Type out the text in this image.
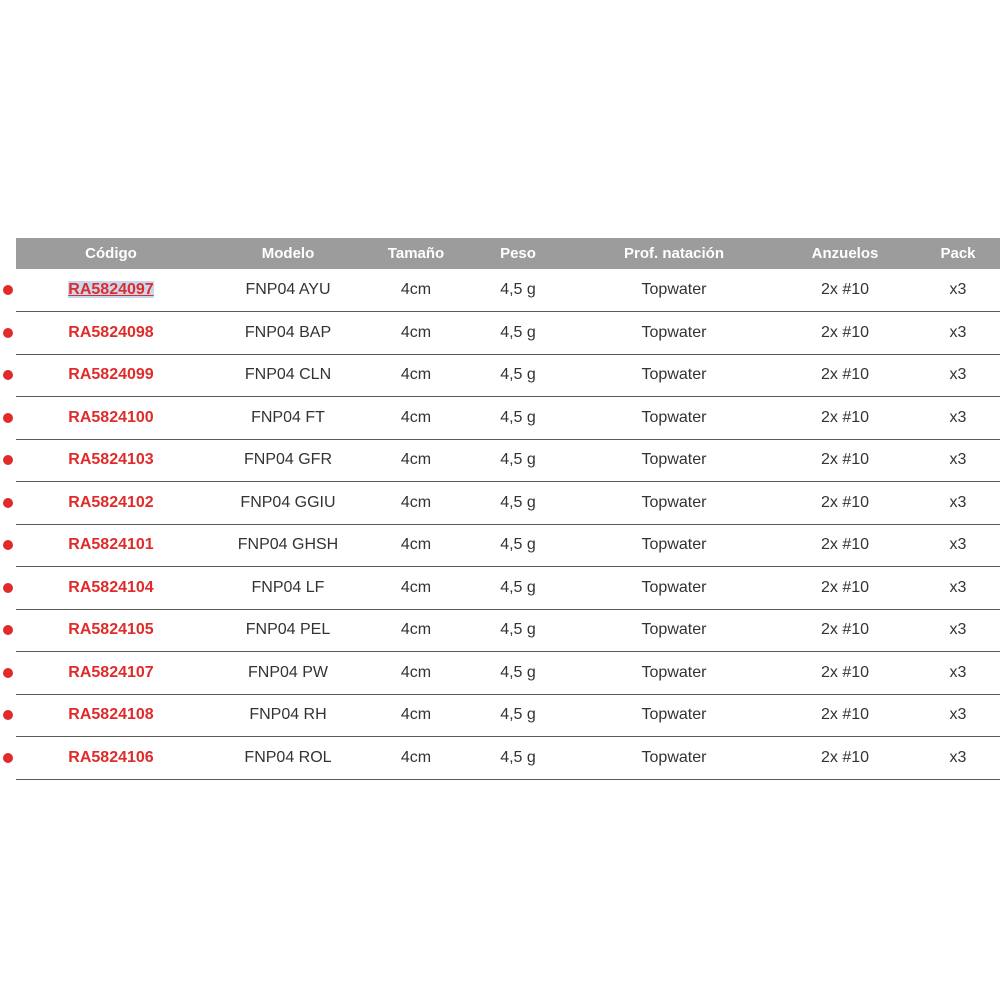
Código	Modelo	Tamaño	Peso	Prof. natación	Anzuelos	Pack

RA5824097	FNP04 AYU	4cm	4,5 g	Topwater	2x #10	x3

RA5824098	FNP04 BAP	4cm	4,5 g	Topwater	2x #10	x3

RA5824099	FNP04 CLN	4cm	4,5 g	Topwater	2x #10	x3

RA5824100	FNP04 FT	4cm	4,5 g	Topwater	2x #10	x3

RA5824103	FNP04 GFR	4cm	4,5 g	Topwater	2x #10	x3

RA5824102	FNP04 GGIU	4cm	4,5 g	Topwater	2x #10	x3

RA5824101	FNP04 GHSH	4cm	4,5 g	Topwater	2x #10	x3

RA5824104	FNP04 LF	4cm	4,5 g	Topwater	2x #10	x3

RA5824105	FNP04 PEL	4cm	4,5 g	Topwater	2x #10	x3

RA5824107	FNP04 PW	4cm	4,5 g	Topwater	2x #10	x3

RA5824108	FNP04 RH	4cm	4,5 g	Topwater	2x #10	x3

RA5824106	FNP04 ROL	4cm	4,5 g	Topwater	2x #10	x3
